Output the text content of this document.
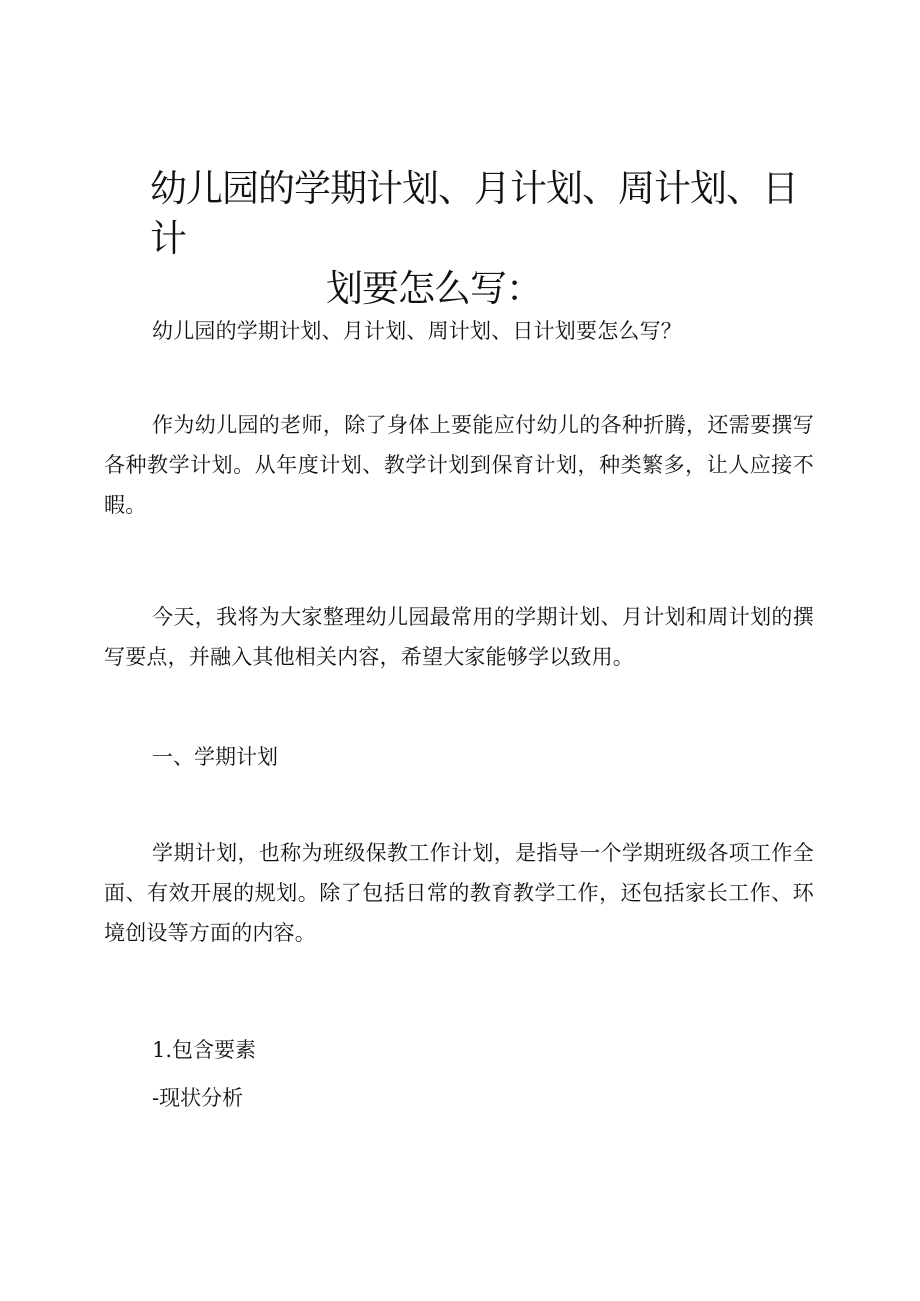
幼儿园的学期计划、月计划、周计划、日计
划要怎么写：

幼儿园的学期计划、月计划、周计划、日计划要怎么写？

作为幼儿园的老师，除了身体上要能应付幼儿的各种折腾，还需要撰写各种教学计划。从年度计划、教学计划到保育计划，种类繁多，让人应接不暇。

今天，我将为大家整理幼儿园最常用的学期计划、月计划和周计划的撰写要点，并融入其他相关内容，希望大家能够学以致用。

一、学期计划

学期计划，也称为班级保教工作计划，是指导一个学期班级各项工作全面、有效开展的规划。除了包括日常的教育教学工作，还包括家长工作、环境创设等方面的内容。

1.包含要素

-现状分析
